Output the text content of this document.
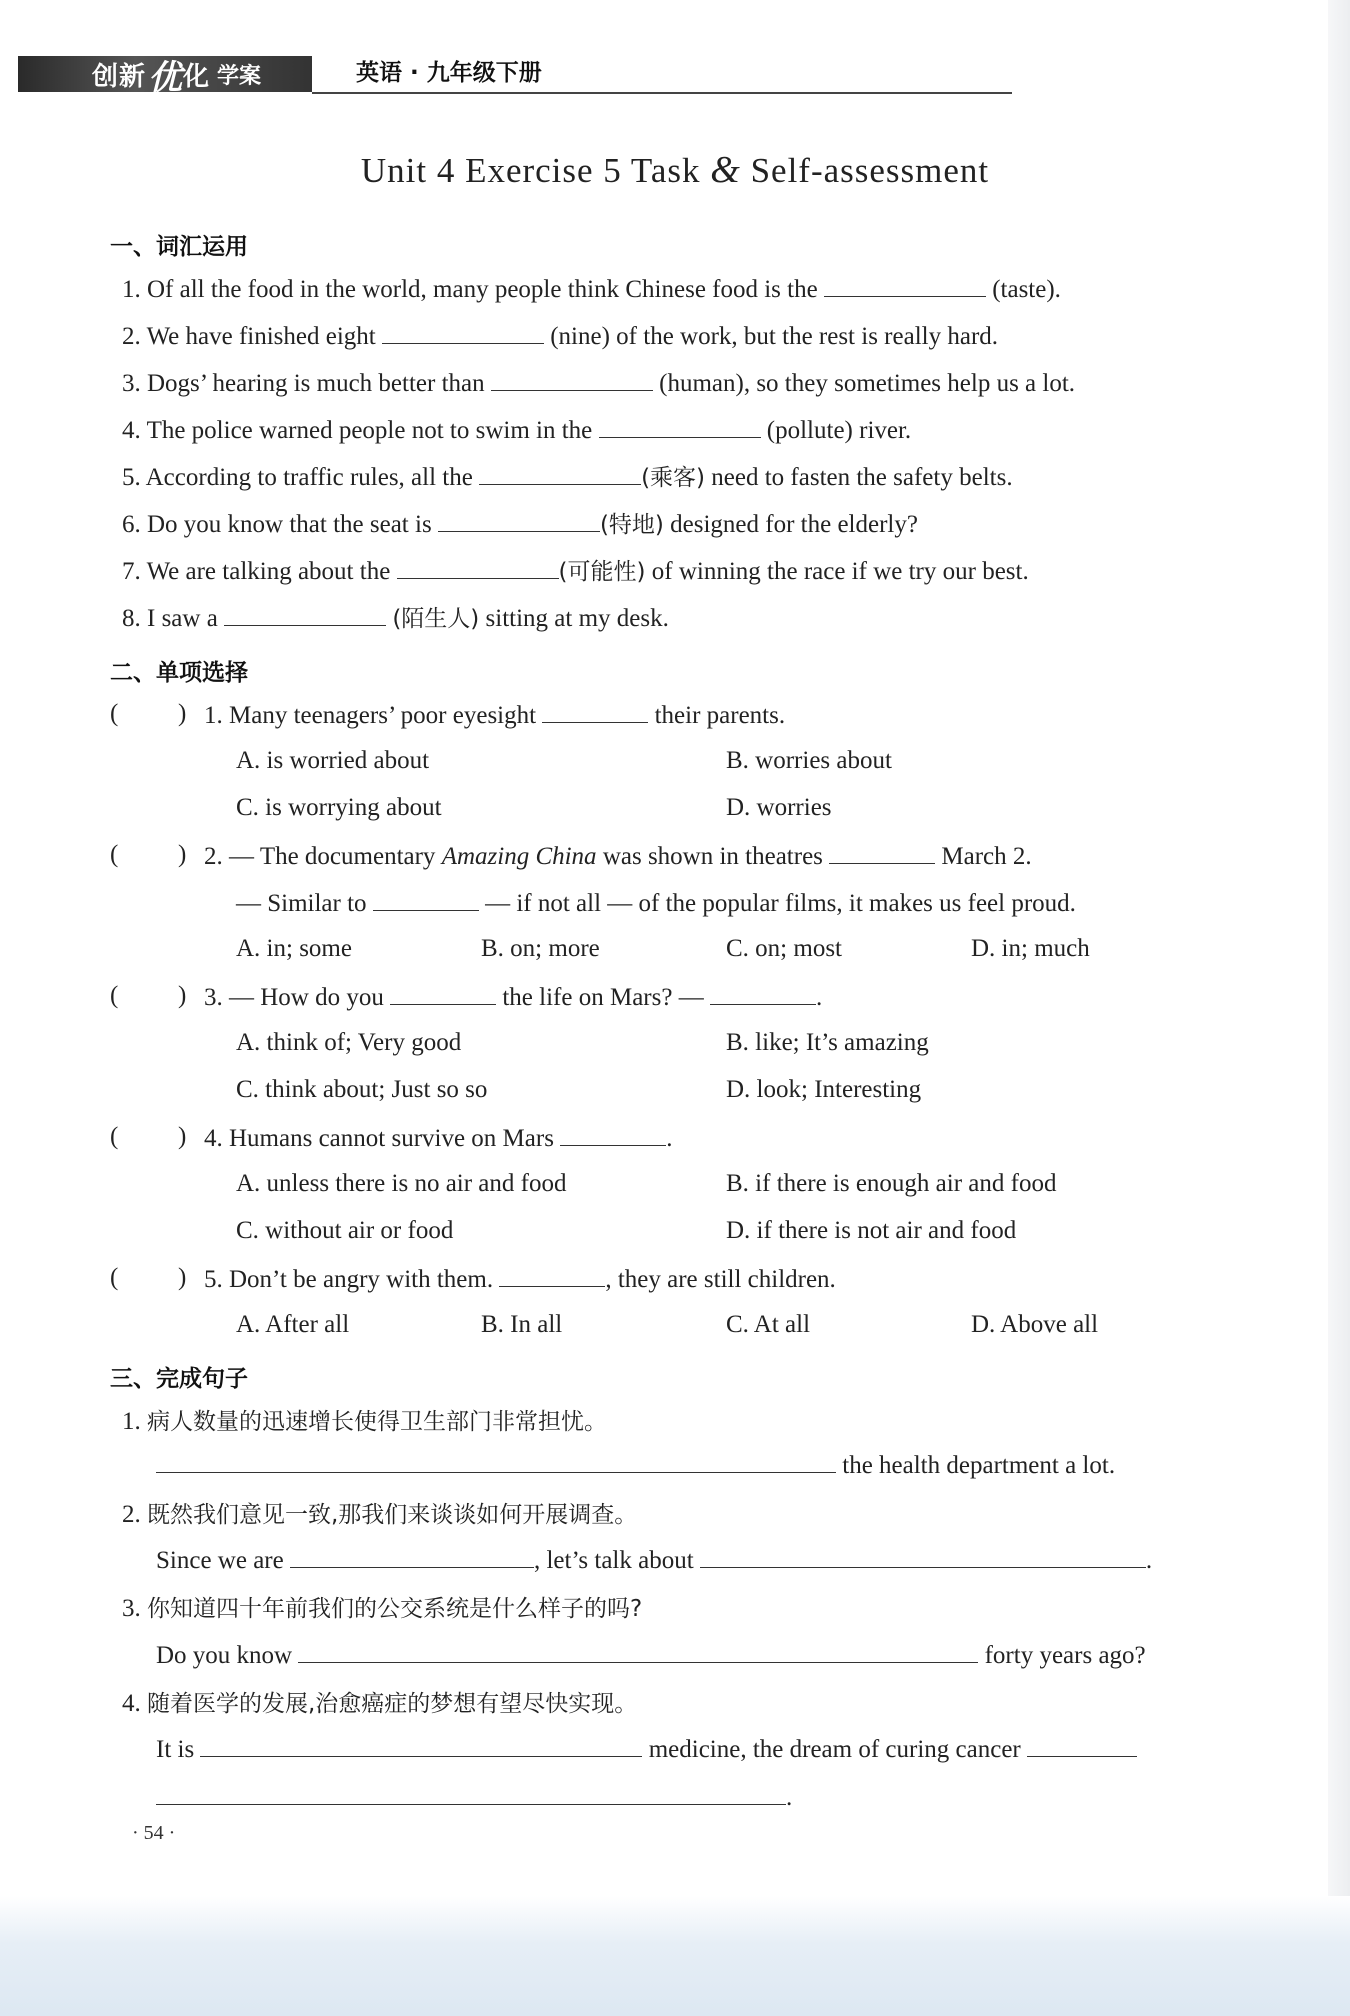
创新 优 化 学案	英语 · 九年级下册
Unit 4 Exercise 5 Task & Self-assessment
一、词汇运用
1. Of all the food in the world, many people think Chinese food is the	(taste).
2. We have finished eight	(nine) of the work, but the rest is really hard.
3. Dogs’ hearing is much better than	(human), so they sometimes help us a lot.
4. The police warned people not to swim in the	(pollute) river.
5. According to traffic rules, all the	(乘客) need to fasten the safety belts.
6. Do you know that the seat is	(特地) designed for the elderly?
7. We are talking about the	(可能性) of winning the race if we try our best.
8. I saw a	(陌生人) sitting at my desk.
二、单项选择
( ) 1. Many teenagers’ poor eyesight	their parents.
A. is worried about	B. worries about
C. is worrying about	D. worries
( ) 2. — The documentary Amazing China was shown in theatres	March 2.
— Similar to	— if not all — of the popular films, it makes us feel proud.
A. in; some	B. on; more	C. on; most	D. in; much
( ) 3. — How do you	the life on Mars? —	.
A. think of; Very good	B. like; It’s amazing
C. think about; Just so so	D. look; Interesting
( ) 4. Humans cannot survive on Mars	.
A. unless there is no air and food	B. if there is enough air and food
C. without air or food	D. if there is not air and food
( ) 5. Don’t be angry with them.	, they are still children.
A. After all	B. In all	C. At all	D. Above all
三、完成句子
1. 病人数量的迅速增长使得卫生部门非常担忧。
the health department a lot.
2. 既然我们意见一致,那我们来谈谈如何开展调查。
Since we are	, let’s talk about	.
3. 你知道四十年前我们的公交系统是什么样子的吗?
Do you know	forty years ago?
4. 随着医学的发展,治愈癌症的梦想有望尽快实现。
It is	medicine, the dream of curing cancer
.
· 54 ·
